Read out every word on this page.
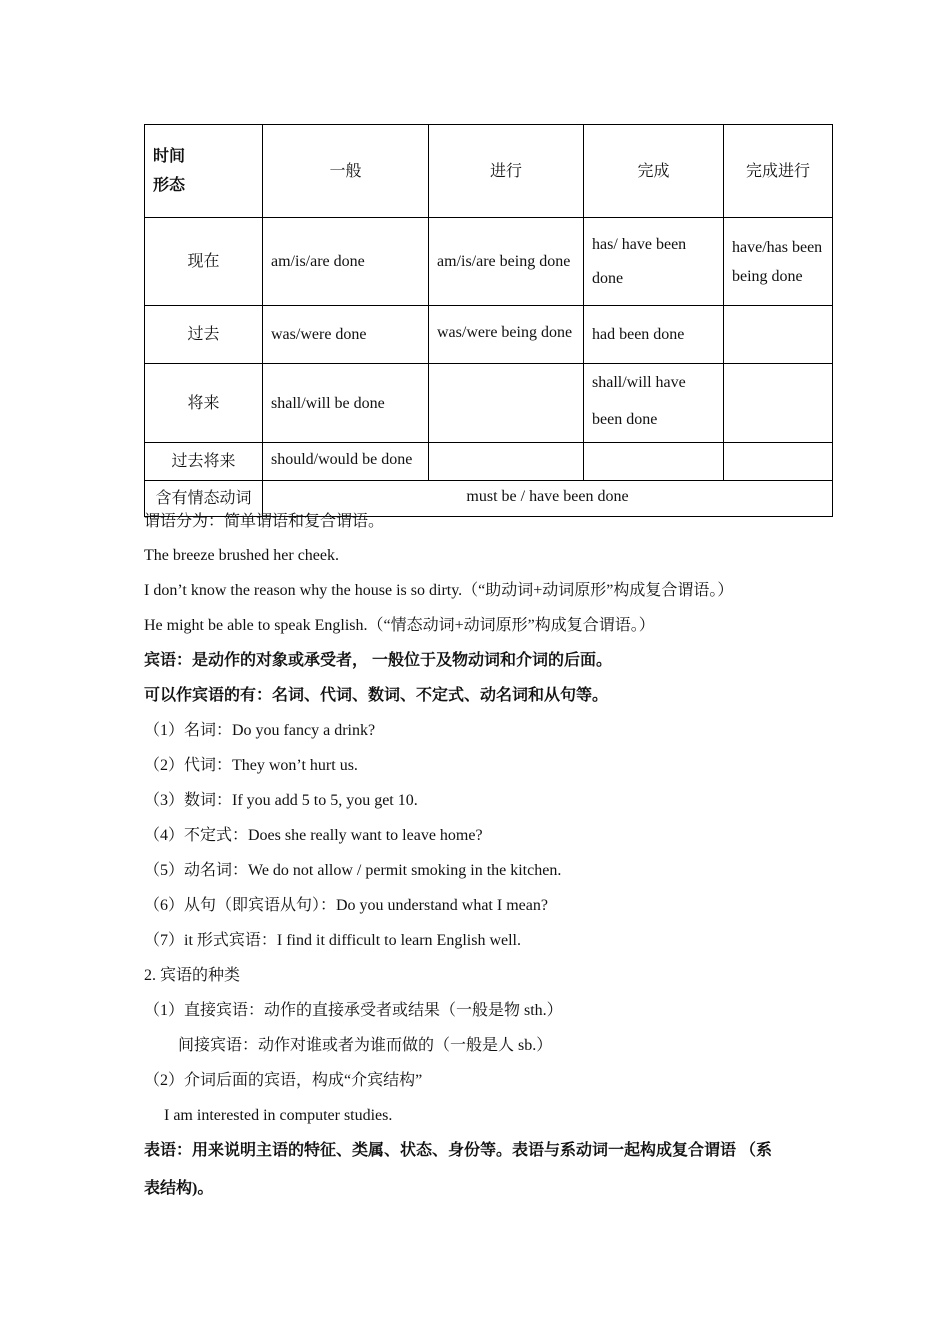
时间
形态	一般	进行	完成	完成进行
现在	am/is/are done	am/is/are being done	has/ have been done	have/has been being done
过去	was/were done	was/were being done	had been done	
将来	shall/will be done		shall/will have been done	
过去将来	should/would be done			
含有情态动词	must be / have been done			
谓语分为：简单谓语和复合谓语。
The breeze brushed her cheek.
I don’t know the reason why the house is so dirty.（“助动词+动词原形”构成复合谓语。）
He might be able to speak English.（“情态动词+动词原形”构成复合谓语。）
宾语：是动作的对象或承受者， 一般位于及物动词和介词的后面。
可以作宾语的有：名词、代词、数词、不定式、动名词和从句等。
（1）名词：Do you fancy a drink?
（2）代词：They won’t hurt us.
（3）数词：If you add 5 to 5, you get 10.
（4）不定式：Does she really want to leave home?
（5）动名词：We do not allow / permit smoking in the kitchen.
（6）从句（即宾语从句）：Do you understand what I mean?
（7）it 形式宾语：I find it difficult to learn English well.
2. 宾语的种类
（1）直接宾语：动作的直接承受者或结果（一般是物 sth.）
间接宾语：动作对谁或者为谁而做的（一般是人 sb.）
（2）介词后面的宾语，构成“介宾结构”
I am interested in computer studies.
表语：用来说明主语的特征、类属、状态、身份等。表语与系动词一起构成复合谓语 （系
表结构)。
